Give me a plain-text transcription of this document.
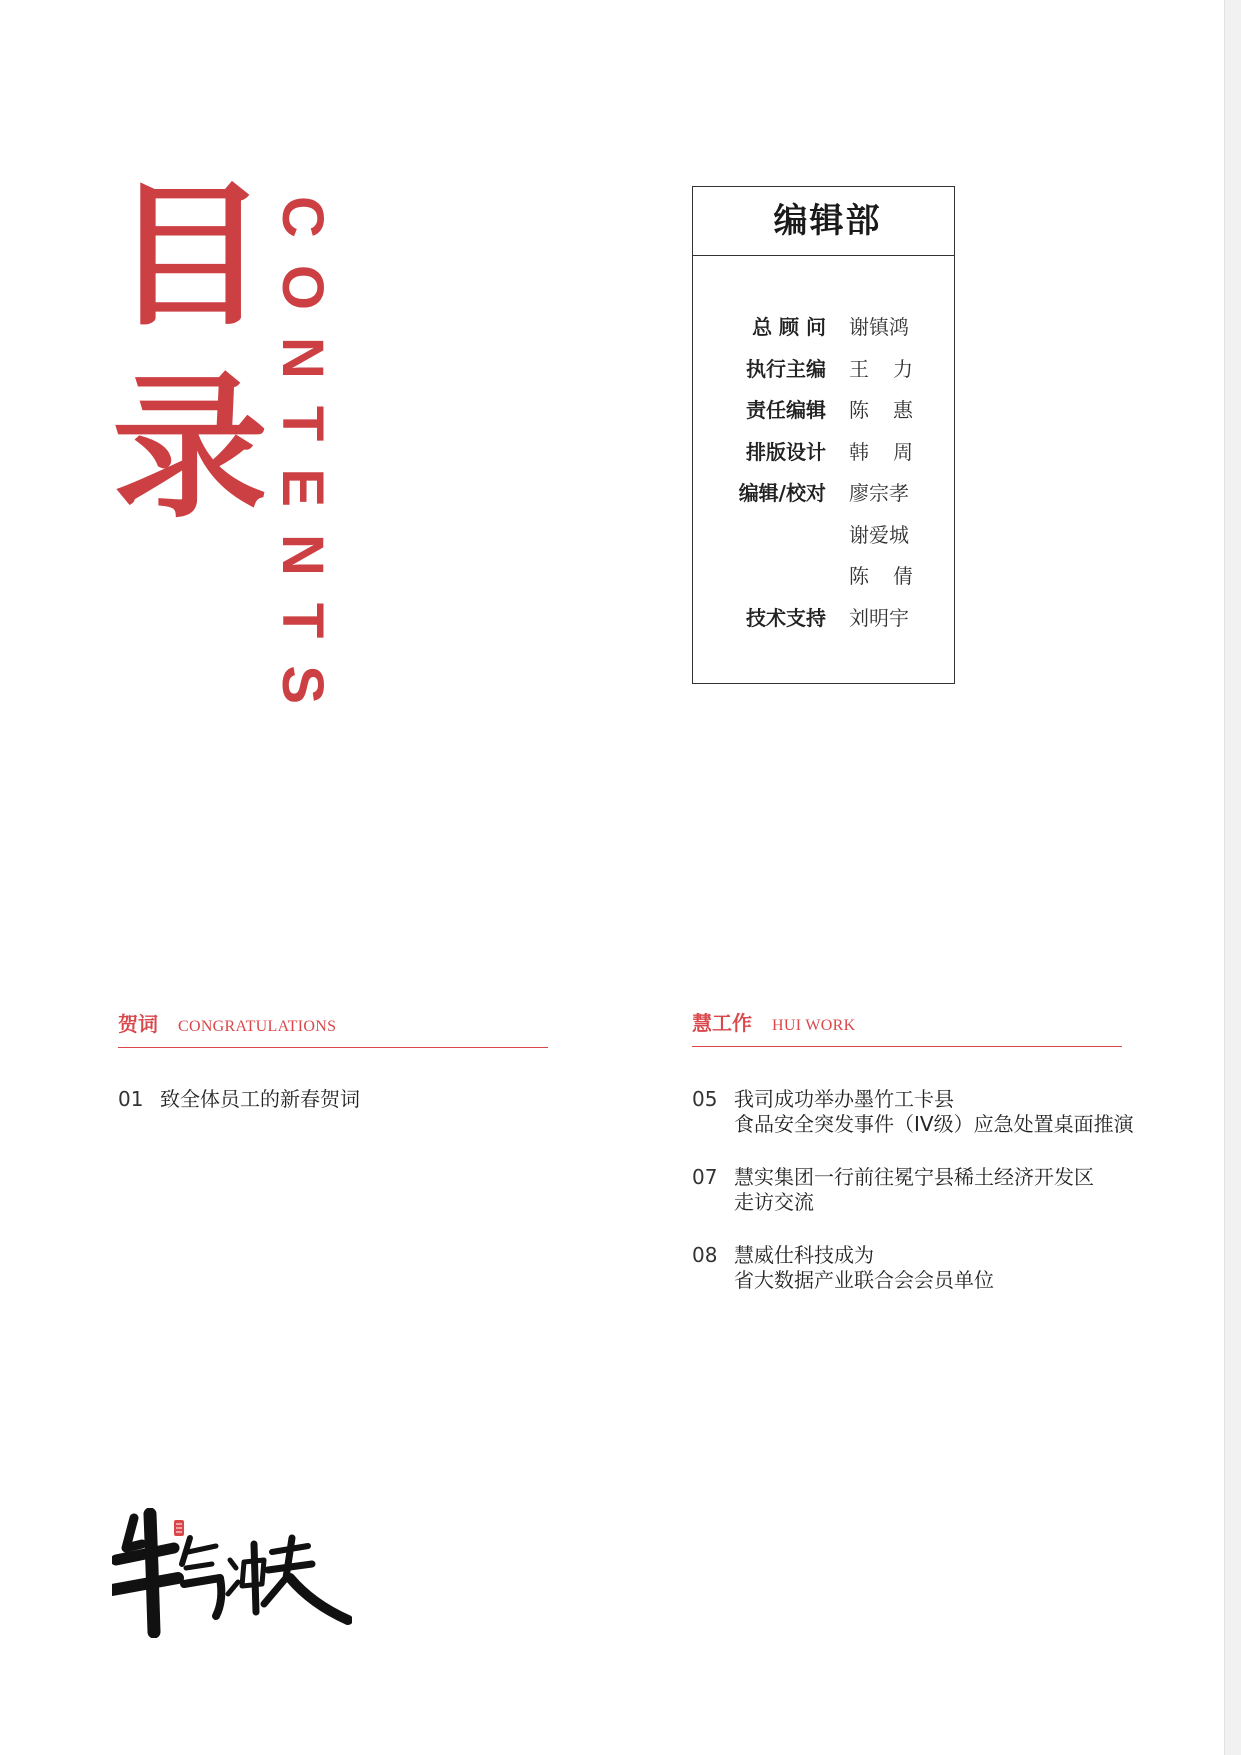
目
录 CONTENTS	编辑部
总 顾 问 谢镇鸿
执行主编 王 力
责任编辑 陈 惠
排版设计 韩 周
编辑/校对 廖宗孝
谢爱城
陈 倩
技术支持 刘明宇
贺词 CONGRATULATIONS
01 致全体员工的新春贺词
慧工作 HUI WORK
05 我司成功举办墨竹工卡县
食品安全突发事件（IV级）应急处置桌面推演
07 慧实集团一行前往冕宁县稀土经济开发区
走访交流
08 慧威仕科技成为
省大数据产业联合会会员单位
